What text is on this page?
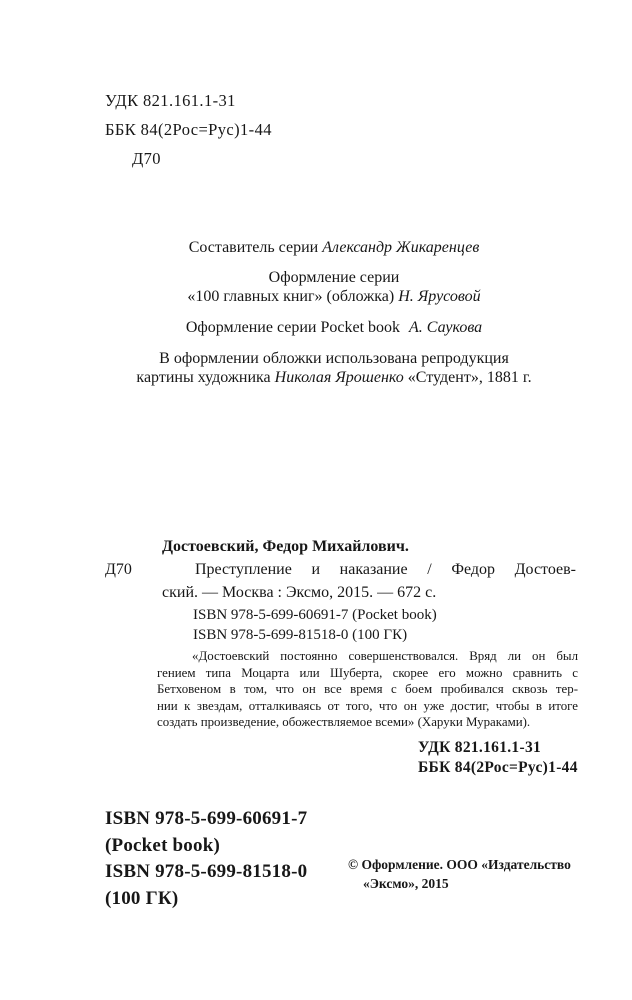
УДК 821.161.1-31
ББК 84(2Рос=Рус)1-44
Д70
Составитель серии Александр Жикаренцев
Оформление серии
«100 главных книг» (обложка) Н. Ярусовой
Оформление серии Pocket book А. Саукова
В оформлении обложки использована репродукция
картины художника Николая Ярошенко «Студент», 1881 г.
Достоевский, Федор Михайлович.
Д70	Преступление и наказание / Федор Достоев-
ский. — Москва : Эксмо, 2015. — 672 с.
ISBN 978-5-699-60691-7 (Pocket book)
ISBN 978-5-699-81518-0 (100 ГК)
«Достоевский постоянно совершенствовался. Вряд ли он был
гением типа Моцарта или Шуберта, скорее его можно сравнить с
Бетховеном в том, что он все время с боем пробивался сквозь тер-
нии к звездам, отталкиваясь от того, что он уже достиг, чтобы в итоге
создать произведение, обожествляемое всеми» (Харуки Мураками).
УДК 821.161.1-31
ББК 84(2Рос=Рус)1-44
ISBN 978-5-699-60691-7
(Pocket book)
ISBN 978-5-699-81518-0
(100 ГК)
© Оформление. ООО «Издательство
«Эксмо», 2015
